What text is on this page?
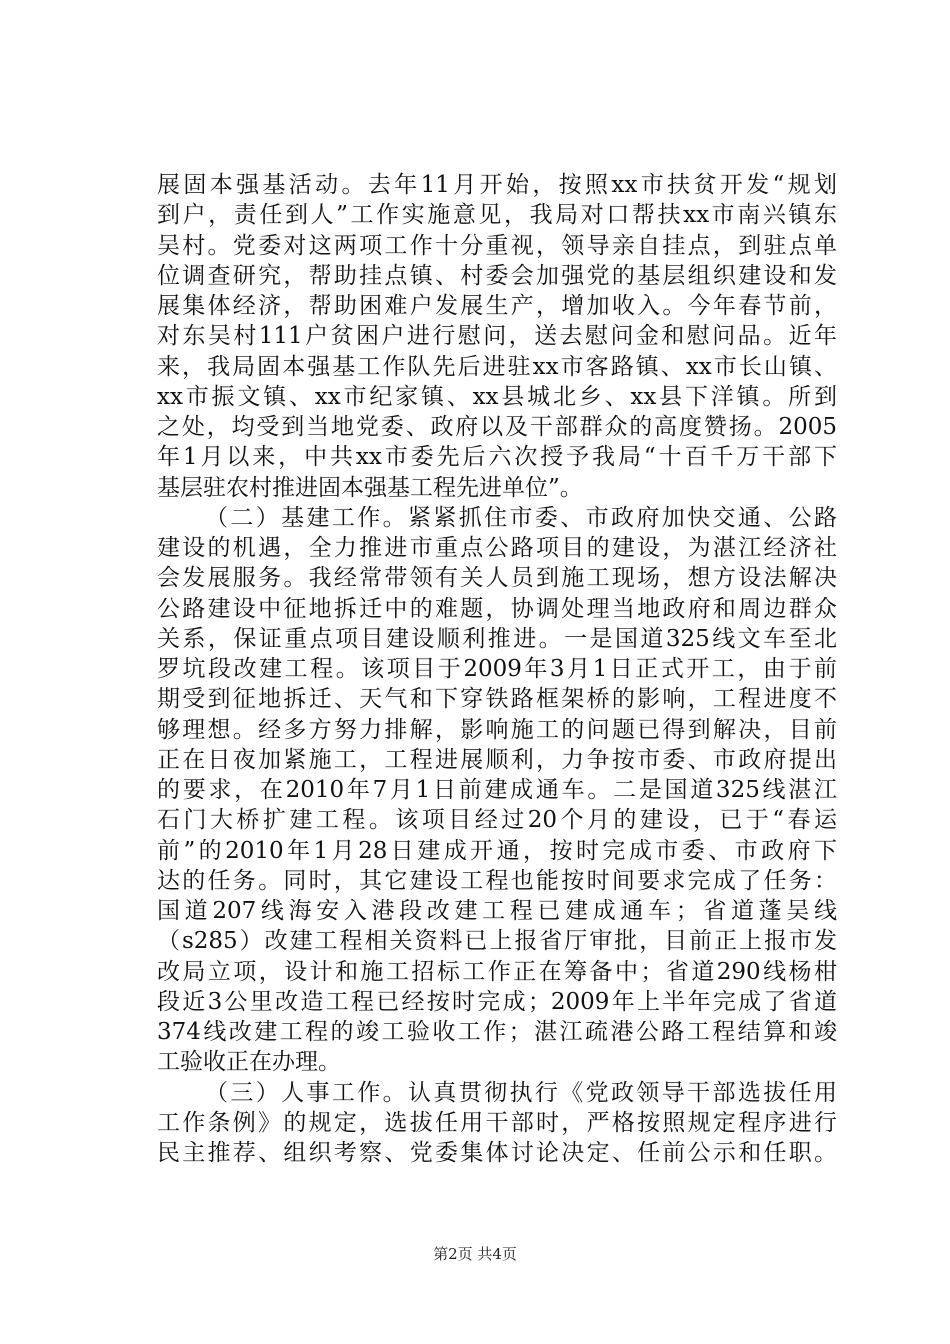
展固本强基活动。去年11月开始，按照xx市扶贫开发“规划
到户，责任到人”工作实施意见，我局对口帮扶xx市南兴镇东
吴村。党委对这两项工作十分重视，领导亲自挂点，到驻点单
位调查研究，帮助挂点镇、村委会加强党的基层组织建设和发
展集体经济，帮助困难户发展生产，增加收入。今年春节前，
对东吴村111户贫困户进行慰问，送去慰问金和慰问品。近年
来，我局固本强基工作队先后进驻xx市客路镇、xx市长山镇、
xx市振文镇、xx市纪家镇、xx县城北乡、xx县下洋镇。所到
之处，均受到当地党委、政府以及干部群众的高度赞扬。2005
年1月以来，中共xx市委先后六次授予我局“十百千万干部下
基层驻农村推进固本强基工程先进单位”。
（二）基建工作。紧紧抓住市委、市政府加快交通、公路
建设的机遇，全力推进市重点公路项目的建设，为湛江经济社
会发展服务。我经常带领有关人员到施工现场，想方设法解决
公路建设中征地拆迁中的难题，协调处理当地政府和周边群众
关系，保证重点项目建设顺利推进。一是国道325线文车至北
罗坑段改建工程。该项目于2009年3月1日正式开工，由于前
期受到征地拆迁、天气和下穿铁路框架桥的影响，工程进度不
够理想。经多方努力排解，影响施工的问题已得到解决，目前
正在日夜加紧施工，工程进展顺利，力争按市委、市政府提出
的要求，在2010年7月1日前建成通车。二是国道325线湛江
石门大桥扩建工程。该项目经过20个月的建设，已于“春运
前”的2010年1月28日建成开通，按时完成市委、市政府下
达的任务。同时，其它建设工程也能按时间要求完成了任务：
国道207线海安入港段改建工程已建成通车；省道蓬吴线
（s285）改建工程相关资料已上报省厅审批，目前正上报市发
改局立项，设计和施工招标工作正在筹备中；省道290线杨柑
段近3公里改造工程已经按时完成；2009年上半年完成了省道
374线改建工程的竣工验收工作；湛江疏港公路工程结算和竣
工验收正在办理。
（三）人事工作。认真贯彻执行《党政领导干部选拔任用
工作条例》的规定，选拔任用干部时，严格按照规定程序进行
民主推荐、组织考察、党委集体讨论决定、任前公示和任职。
第2页 共4页
